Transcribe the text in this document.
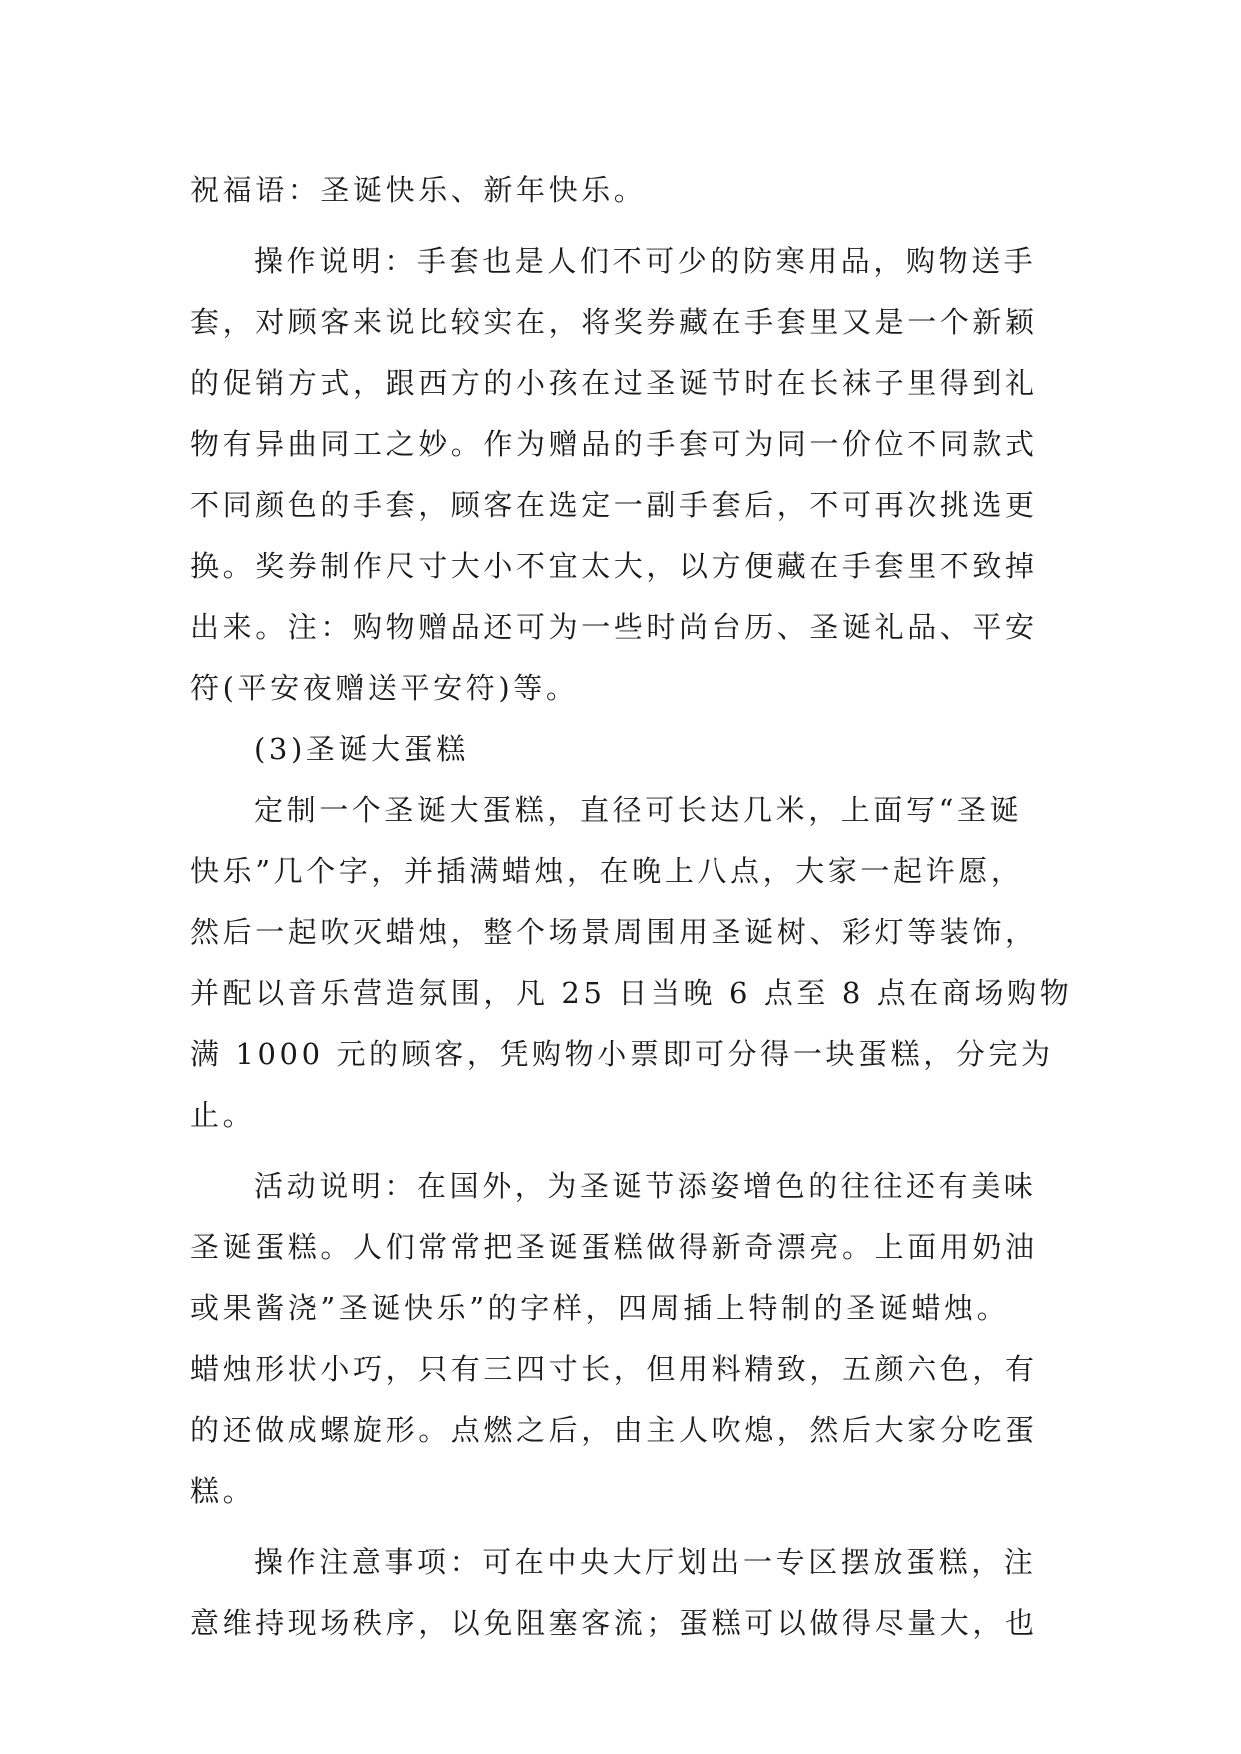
祝福语：圣诞快乐、新年快乐。
操作说明：手套也是人们不可少的防寒用品，购物送手
套，对顾客来说比较实在，将奖券藏在手套里又是一个新颖
的促销方式，跟西方的小孩在过圣诞节时在长袜子里得到礼
物有异曲同工之妙。作为赠品的手套可为同一价位不同款式
不同颜色的手套，顾客在选定一副手套后，不可再次挑选更
换。奖券制作尺寸大小不宜太大，以方便藏在手套里不致掉
出来。注：购物赠品还可为一些时尚台历、圣诞礼品、平安
符(平安夜赠送平安符)等。
(3)圣诞大蛋糕
定制一个圣诞大蛋糕，直径可长达几米，上面写“圣诞
快乐”几个字，并插满蜡烛，在晚上八点，大家一起许愿，
然后一起吹灭蜡烛，整个场景周围用圣诞树、彩灯等装饰，
并配以音乐营造氛围，凡 25 日当晚 6 点至 8 点在商场购物
满 1000 元的顾客，凭购物小票即可分得一块蛋糕，分完为
止。
活动说明：在国外，为圣诞节添姿增色的往往还有美味
圣诞蛋糕。人们常常把圣诞蛋糕做得新奇漂亮。上面用奶油
或果酱浇”圣诞快乐”的字样，四周插上特制的圣诞蜡烛。
蜡烛形状小巧，只有三四寸长，但用料精致，五颜六色，有
的还做成螺旋形。点燃之后，由主人吹熄，然后大家分吃蛋
糕。
操作注意事项：可在中央大厅划出一专区摆放蛋糕，注
意维持现场秩序，以免阻塞客流；蛋糕可以做得尽量大，也
